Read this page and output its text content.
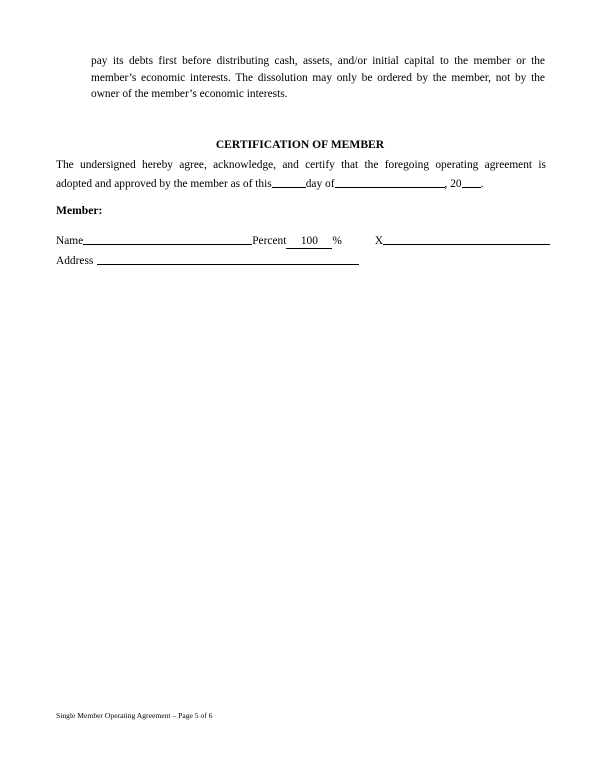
pay its debts first before distributing cash, assets, and/or initial capital to the member or the
member’s economic interests. The dissolution may only be ordered by the member, not by the
owner of the member’s economic interests.
CERTIFICATION OF MEMBER
The undersigned hereby agree, acknowledge, and certify that the foregoing operating agreement is
adopted and approved by the member as of this	day of	, 20 .
Member:
Name	Percent 100 %	X
Address
Single Member Operating Agreement – Page 5 of 6
